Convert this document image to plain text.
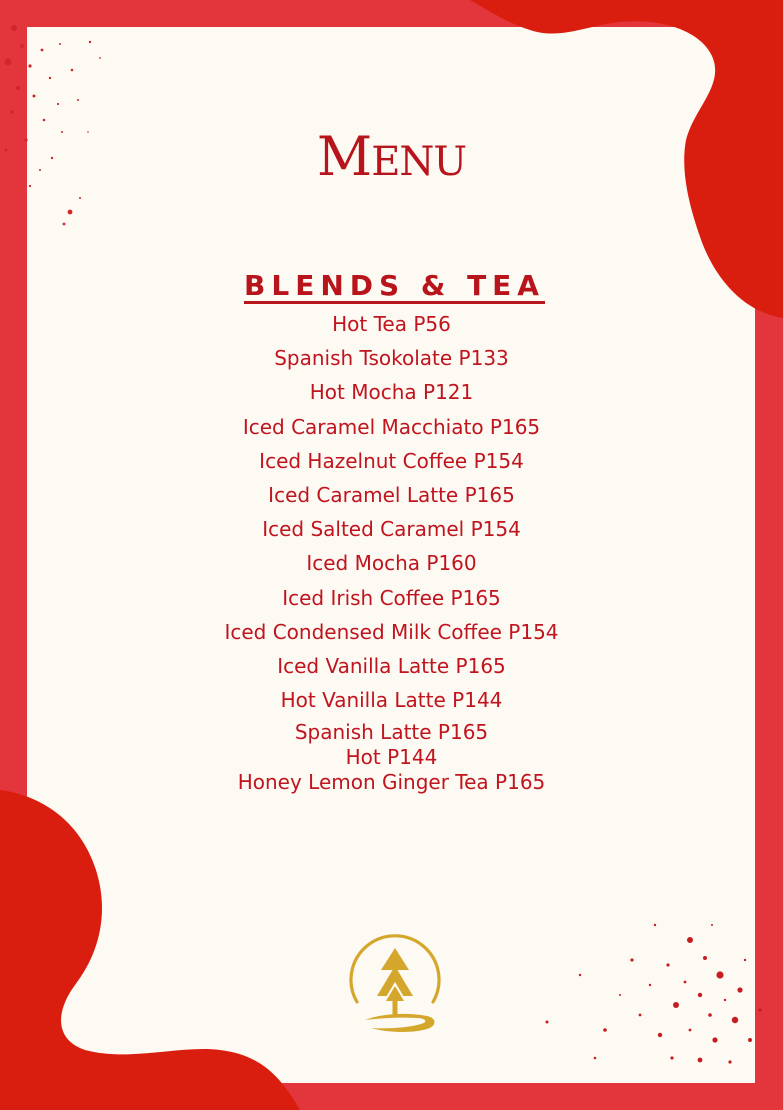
MENU
BLENDS & TEA
Hot Tea P56
Spanish Tsokolate P133
Hot Mocha P121
Iced Caramel Macchiato P165
Iced Hazelnut Coffee P154
Iced Caramel Latte P165
Iced Salted Caramel P154
Iced Mocha P160
Iced Irish Coffee P165
Iced Condensed Milk Coffee P154
Iced Vanilla Latte P165
Hot Vanilla Latte P144
Spanish Latte P165
Hot P144
Honey Lemon Ginger Tea P165
